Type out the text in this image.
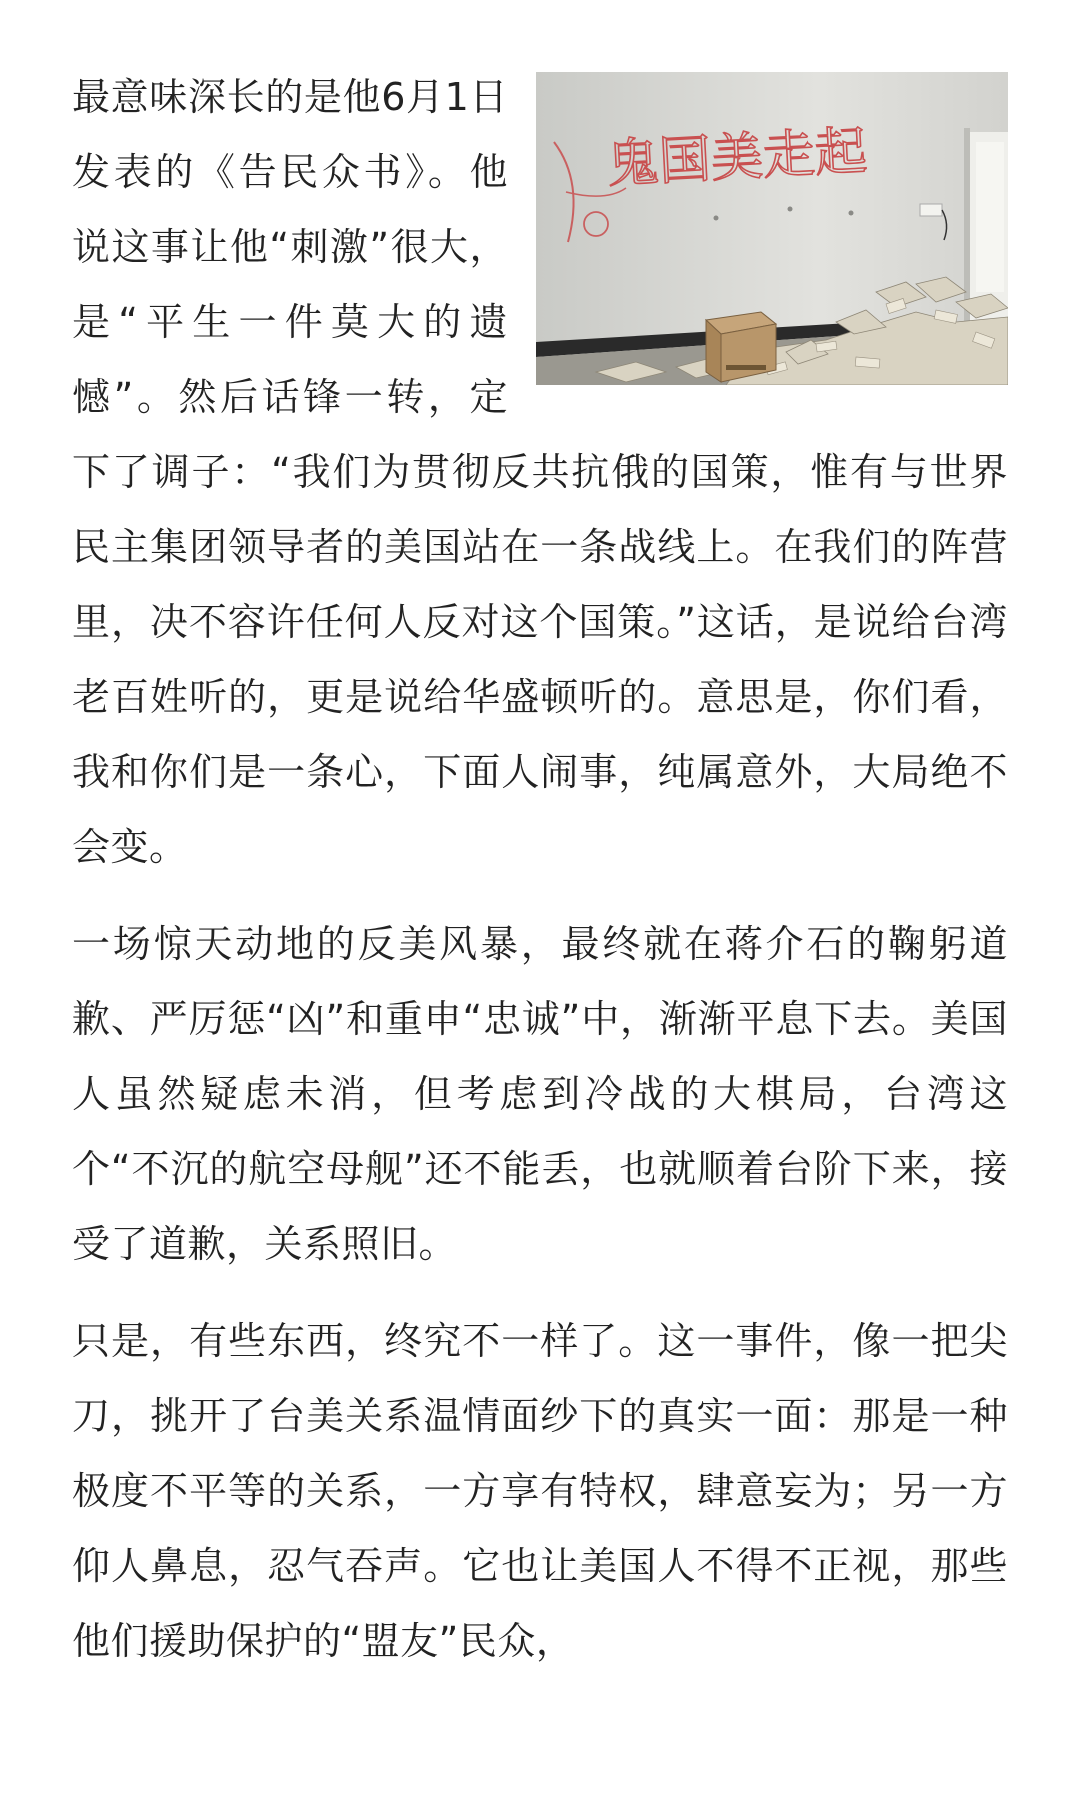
鬼国美走起

最意味深长的是他6月1日发表的《告民众书》。他说这事让他“刺激”很大，是“平生一件莫大的遗憾”。然后话锋一转，定下了调子：“我们为贯彻反共抗俄的国策，惟有与世界民主集团领导者的美国站在一条战线上。在我们的阵营里，决不容许任何人反对这个国策。”这话，是说给台湾老百姓听的，更是说给华盛顿听的。意思是，你们看，我和你们是一条心，下面人闹事，纯属意外，大局绝不会变。

一场惊天动地的反美风暴，最终就在蒋介石的鞠躬道歉、严厉惩“凶”和重申“忠诚”中，渐渐平息下去。美国人虽然疑虑未消，但考虑到冷战的大棋局，台湾这个“不沉的航空母舰”还不能丢，也就顺着台阶下来，接受了道歉，关系照旧。

只是，有些东西，终究不一样了。这一事件，像一把尖刀，挑开了台美关系温情面纱下的真实一面：那是一种极度不平等的关系，一方享有特权，肆意妄为；另一方仰人鼻息，忍气吞声。它也让美国人不得不正视，那些他们援助保护的“盟友”民众，
